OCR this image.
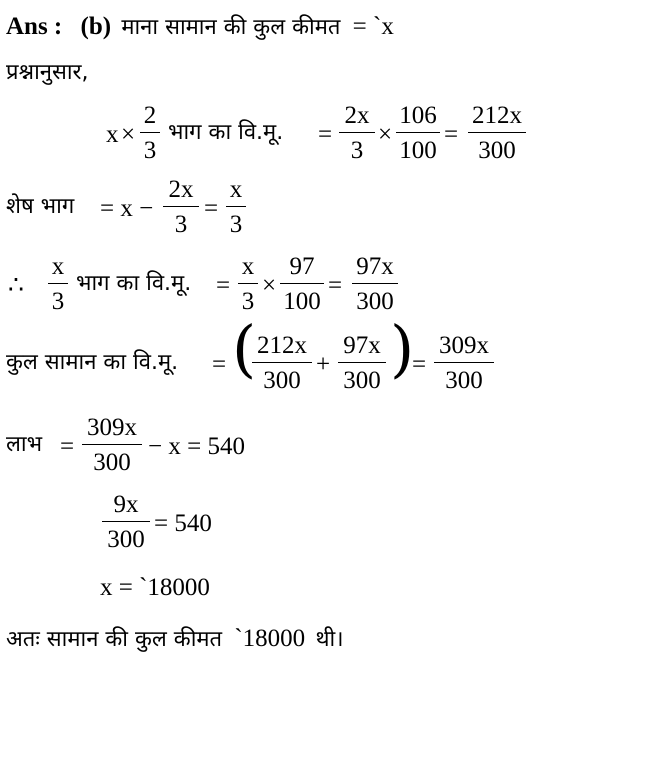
Ans : (b) माना सामान की कुल कीमत = `x
प्रश्नानुसार,
$x \times \frac{2}{3}$ भाग का वि.मू. = $\frac{2x}{3} \times \frac{106}{100} = \frac{212x}{300}$
शेष भाग = $x - \frac{2x}{3} = \frac{x}{3}$
∴ $\frac{x}{3}$ भाग का वि.मू. = $\frac{x}{3} \times \frac{97}{100} = \frac{97x}{300}$
कुल सामान का वि.मू. = (
$\frac{212x}{300} + \frac{97x}{300}$ )
= $\frac{309x}{300}$
लाभ = $\frac{309x}{300} - x = 540$
$\frac{9x}{300} = 540$
x = `18000
अतः सामान की कुल कीमत `18000 थी।
